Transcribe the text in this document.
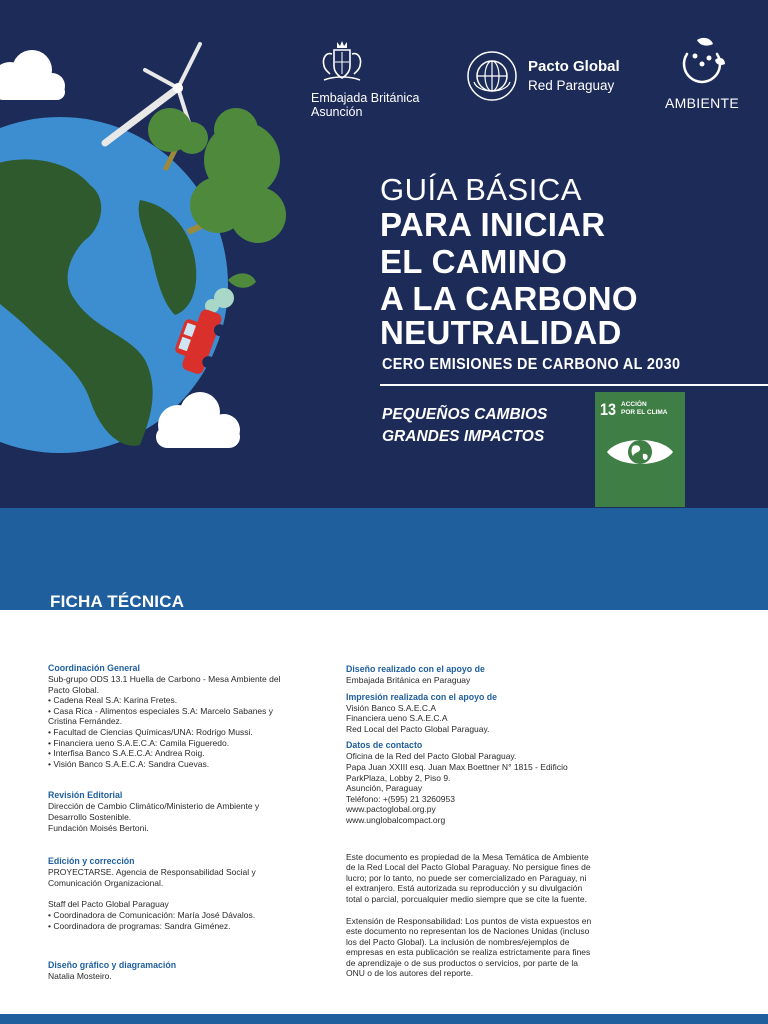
Embajada Británica
Asunción
Pacto Global
Red Paraguay
AMBIENTE
GUÍA BÁSICA
PARA INICIAR
EL CAMINO
A LA CARBONO
NEUTRALIDAD
CERO EMISIONES DE CARBONO AL 2030
PEQUEÑOS CAMBIOS
GRANDES IMPACTOS
13 ACCIÓN
POR EL CLIMA
FICHA TÉCNICA
Coordinación General
Sub-grupo ODS 13.1 Huella de Carbono - Mesa Ambiente del
Pacto Global.
• Cadena Real S.A: Karina Fretes.
• Casa Rica - Alimentos especiales S.A: Marcelo Sabanes y
Cristina Fernández.
• Facultad de Ciencias Químicas/UNA: Rodrigo Mussi.
• Financiera ueno S.A.E.C.A: Camila Figueredo.
• Interfisa Banco S.A.E.C.A: Andrea Roig.
• Visión Banco S.A.E.C.A: Sandra Cuevas.
Revisión Editorial
Dirección de Cambio Climático/Ministerio de Ambiente y
Desarrollo Sostenible.
Fundación Moisés Bertoni.
Edición y corrección
PROYECTARSE. Agencia de Responsabilidad Social y
Comunicación Organizacional.
Staff del Pacto Global Paraguay
• Coordinadora de Comunicación: María José Dávalos.
• Coordinadora de programas: Sandra Giménez.
Diseño gráfico y diagramación
Natalia Mosteiro.
Diseño realizado con el apoyo de
Embajada Británica en Paraguay
Impresión realizada con el apoyo de
Visión Banco S.A.E.C.A
Financiera ueno S.A.E.C.A
Red Local del Pacto Global Paraguay.
Datos de contacto
Oficina de la Red del Pacto Global Paraguay.
Papa Juan XXIII esq. Juan Max Boettner N° 1815 - Edificio
ParkPlaza, Lobby 2, Piso 9.
Asunción, Paraguay
Teléfono: +(595) 21 3260953
www.pactoglobal.org.py
www.unglobalcompact.org
Este documento es propiedad de la Mesa Temática de Ambiente
de la Red Local del Pacto Global Paraguay. No persigue fines de
lucro; por lo tanto, no puede ser comercializado en Paraguay, ni
el extranjero. Está autorizada su reproducción y su divulgación
total o parcial, porcualquier medio siempre que se cite la fuente.
Extensión de Responsabilidad: Los puntos de vista expuestos en
este documento no representan los de Naciones Unidas (incluso
los del Pacto Global). La inclusión de nombres/ejemplos de
empresas en esta publicación se realiza estrictamente para fines
de aprendizaje o de sus productos o servicios, por parte de la
ONU o de los autores del reporte.
